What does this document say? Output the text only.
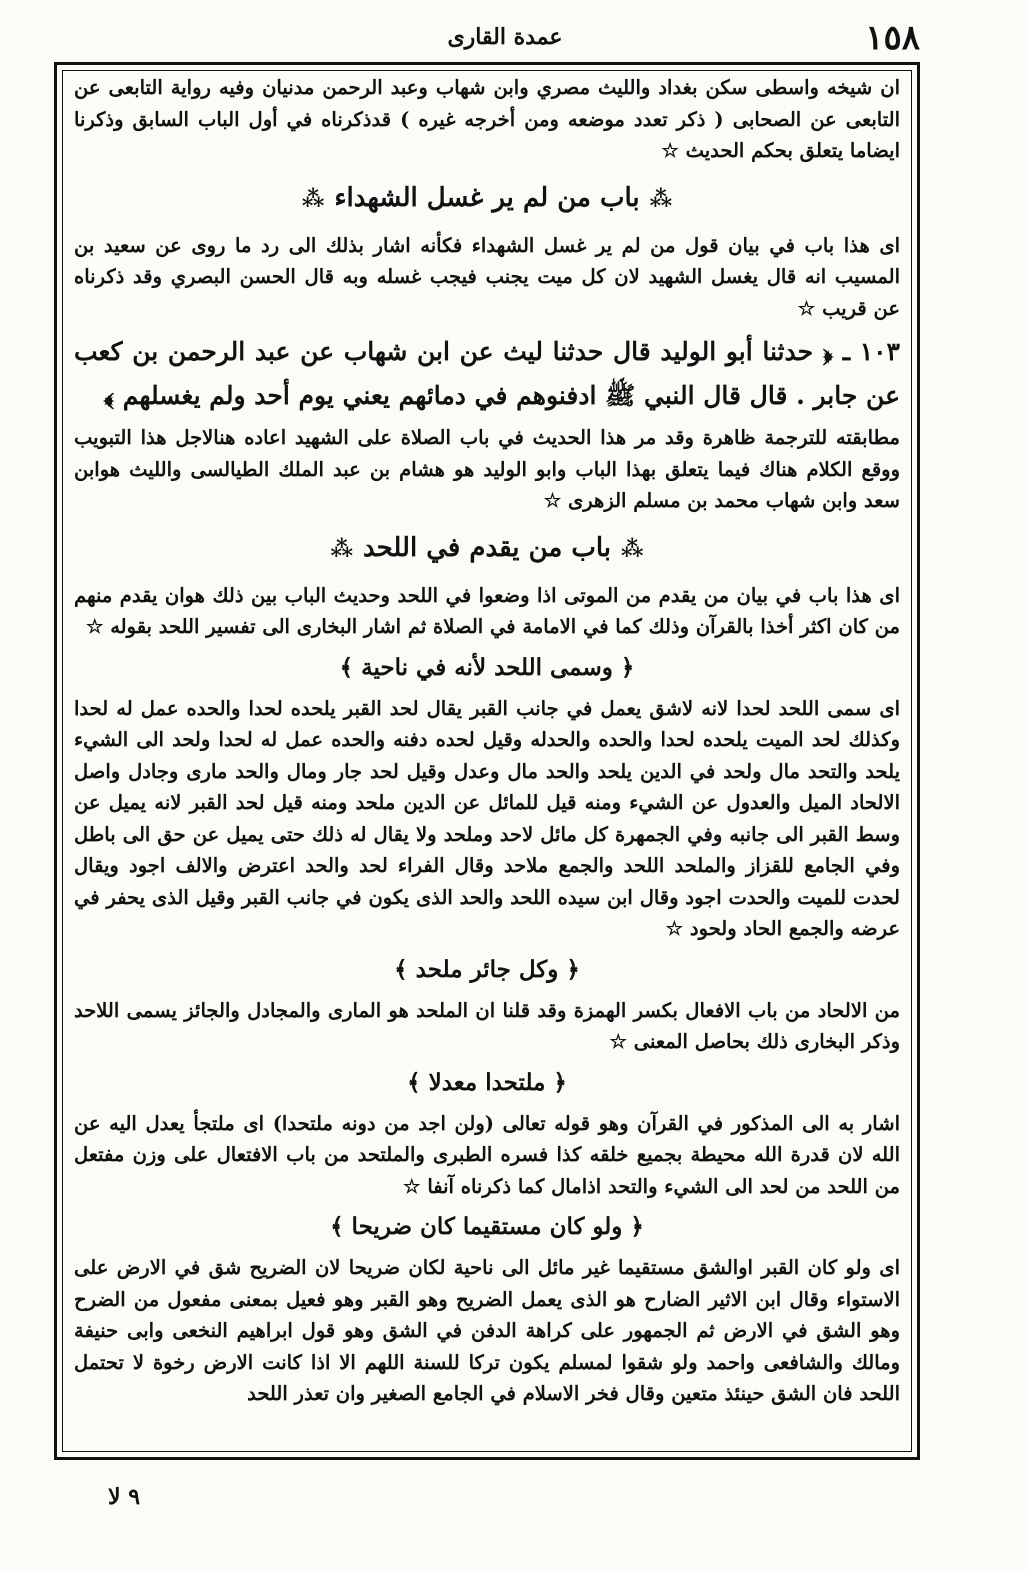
١٥٨
عمدة القارى

ان شيخه واسطى سكن بغداد والليث مصري وابن شهاب وعبد الرحمن مدنيان وفيه رواية التابعى عن التابعى عن الصحابى ( ذكر تعدد موضعه ومن أخرجه غيره ) قدذكرناه في أول الباب السابق وذكرنا ايضاما يتعلق بحكم الحديث ☆

⁂باب من لم ير غسل الشهداء⁂

اى هذا باب في بيان قول من لم ير غسل الشهداء فكأنه اشار بذلك الى رد ما روى عن سعيد بن المسيب انه قال يغسل الشهيد لان كل ميت يجنب فيجب غسله وبه قال الحسن البصري وقد ذكرناه عن قريب ☆

١٠٣ ـ ﴿ حدثنا أبو الوليد قال حدثنا ليث عن ابن شهاب عن عبد الرحمن بن كعب عن جابر . قال قال النبي ﷺ ادفنوهم في دمائهم يعني يوم أحد ولم يغسلهم ﴾

مطابقته للترجمة ظاهرة وقد مر هذا الحديث في باب الصلاة على الشهيد اعاده هنالاجل هذا التبويب ووقع الكلام هناك فيما يتعلق بهذا الباب وابو الوليد هو هشام بن عبد الملك الطيالسى والليث هوابن سعد وابن شهاب محمد بن مسلم الزهرى ☆

⁂باب من يقدم في اللحد⁂

اى هذا باب في بيان من يقدم من الموتى اذا وضعوا في اللحد وحديث الباب بين ذلك هوان يقدم منهم من كان اكثر أخذا بالقرآن وذلك كما في الامامة في الصلاة ثم اشار البخارى الى تفسير اللحد بقوله ☆

﴿ وسمى اللحد لأنه في ناحية ﴾

اى سمى اللحد لحدا لانه لاشق يعمل في جانب القبر يقال لحد القبر يلحده لحدا والحده عمل له لحدا وكذلك لحد الميت يلحده لحدا والحده والحدله وقيل لحده دفنه والحده عمل له لحدا ولحد الى الشيء يلحد والتحد مال ولحد في الدين يلحد والحد مال وعدل وقيل لحد جار ومال والحد مارى وجادل واصل الالحاد الميل والعدول عن الشيء ومنه قيل للمائل عن الدين ملحد ومنه قيل لحد القبر لانه يميل عن وسط القبر الى جانبه وفي الجمهرة كل مائل لاحد وملحد ولا يقال له ذلك حتى يميل عن حق الى باطل وفي الجامع للقزاز والملحد اللحد والجمع ملاحد وقال الفراء لحد والحد اعترض والالف اجود ويقال لحدت للميت والحدت اجود وقال ابن سيده اللحد والحد الذى يكون في جانب القبر وقيل الذى يحفر في عرضه والجمع الحاد ولحود ☆

﴿ وكل جائر ملحد ﴾

من الالحاد من باب الافعال بكسر الهمزة وقد قلنا ان الملحد هو المارى والمجادل والجائز يسمى اللاحد وذكر البخارى ذلك بحاصل المعنى ☆

﴿ ملتحدا معدلا ﴾

اشار به الى المذكور في القرآن وهو قوله تعالى (ولن اجد من دونه ملتحدا) اى ملتجأ يعدل اليه عن الله لان قدرة الله محيطة بجميع خلقه كذا فسره الطبرى والملتحد من باب الافتعال على وزن مفتعل من اللحد من لحد الى الشيء والتحد اذامال كما ذكرناه آنفا ☆

﴿ ولو كان مستقيما كان ضريحا ﴾

اى ولو كان القبر اوالشق مستقيما غير مائل الى ناحية لكان ضريحا لان الضريح شق في الارض على الاستواء وقال ابن الاثير الضارح هو الذى يعمل الضريح وهو القبر وهو فعيل بمعنى مفعول من الضرح وهو الشق في الارض ثم الجمهور على كراهة الدفن في الشق وهو قول ابراهيم النخعى وابى حنيفة ومالك والشافعى واحمد ولو شقوا لمسلم يكون تركا للسنة اللهم الا اذا كانت الارض رخوة لا تحتمل اللحد فان الشق حينئذ متعين وقال فخر الاسلام في الجامع الصغير وان تعذر اللحد

٩ لا
